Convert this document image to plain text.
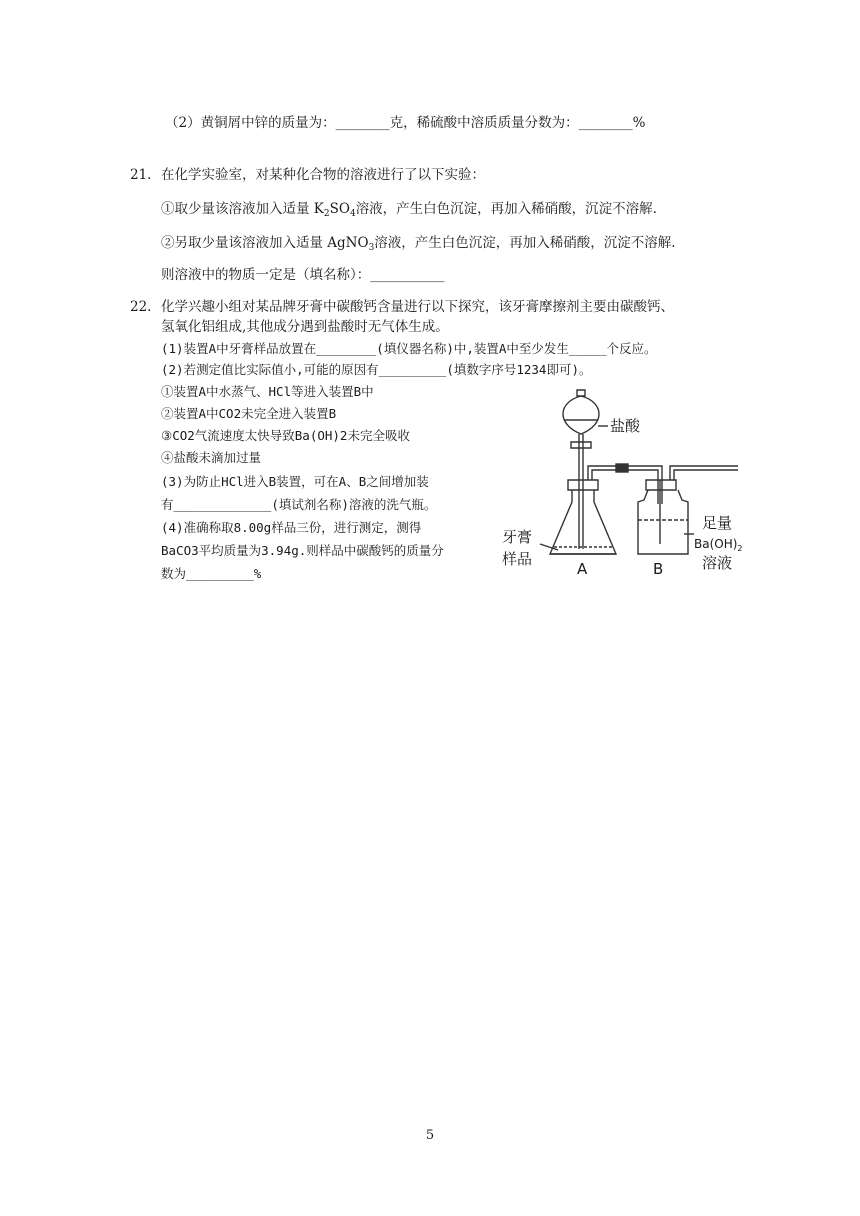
（2）黄铜屑中锌的质量为：________克，稀硫酸中溶质质量分数为：________%
21. 在化学实验室，对某种化合物的溶液进行了以下实验：
①取少量该溶液加入适量 $K_2SO_4$溶液，产生白色沉淀，再加入稀硝酸，沉淀不溶解.
②另取少量该溶液加入适量 AgNO$_3$溶液，产生白色沉淀，再加入稀硝酸，沉淀不溶解.
则溶液中的物质一定是（填名称）：___________
22. 化学兴趣小组对某品牌牙膏中碳酸钙含量进行以下探究，该牙膏摩擦剂主要由碳酸钙、
氢氧化铝组成,其他成分遇到盐酸时无气体生成。
(1)装置A中牙膏样品放置在________(填仪器名称)中,装置A中至少发生_____个反应。
(2)若测定值比实际值小,可能的原因有_________(填数字序号1234即可)。
①装置A中水蒸气、HCl等进入装置B中
②装置A中CO2未完全进入装置B
③CO2气流速度太快导致Ba(OH)2未完全吸收
④盐酸未滴加过量
(3)为防止HCl进入B装置，可在A、B之间增加装
有_____________(填试剂名称)溶液的洗气瓶。
(4)准确称取8.00g样品三份，进行测定，测得
BaCO3平均质量为3.94g.则样品中碳酸钙的质量分
数为_________%
盐酸
牙膏
样品
A	B
足量
$Ba(OH)_2$
溶液
5
